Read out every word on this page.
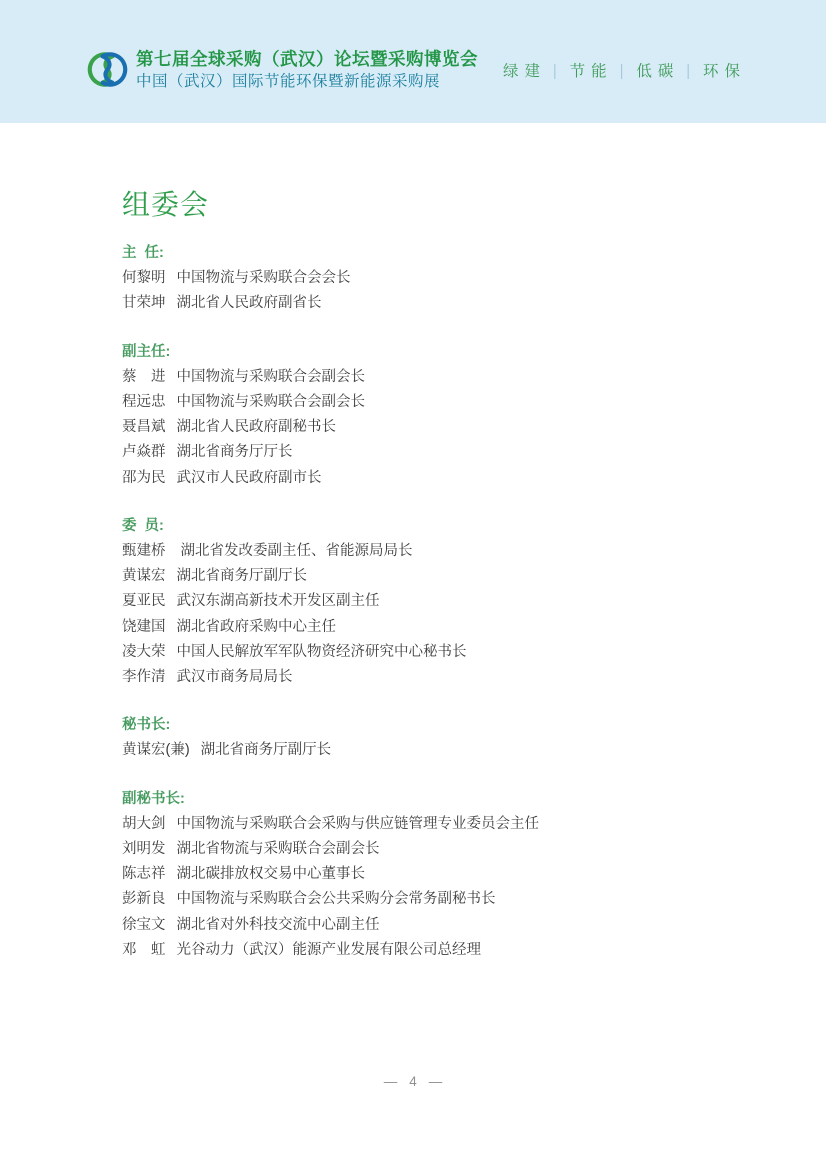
第七届全球采购（武汉）论坛暨采购博览会
中国（武汉）国际节能环保暨新能源采购展
绿建 | 节能 | 低碳 | 环保
组委会
主  任:
何黎明 中国物流与采购联合会会长
甘荣坤 湖北省人民政府副省长
副主任:
蔡　进 中国物流与采购联合会副会长
程远忠 中国物流与采购联合会副会长
聂昌斌 湖北省人民政府副秘书长
卢焱群 湖北省商务厅厅长
邵为民 武汉市人民政府副市长
委  员:
甄建桥 湖北省发改委副主任、省能源局局长
黄谋宏 湖北省商务厅副厅长
夏亚民 武汉东湖高新技术开发区副主任
饶建国 湖北省政府采购中心主任
凌大荣 中国人民解放军军队物资经济研究中心秘书长
李作清 武汉市商务局局长
秘书长:
黄谋宏(兼) 湖北省商务厅副厅长
副秘书长:
胡大剑 中国物流与采购联合会采购与供应链管理专业委员会主任
刘明发 湖北省物流与采购联合会副会长
陈志祥 湖北碳排放权交易中心董事长
彭新良 中国物流与采购联合会公共采购分会常务副秘书长
徐宝文 湖北省对外科技交流中心副主任
邓　虹 光谷动力（武汉）能源产业发展有限公司总经理
— 4 —
